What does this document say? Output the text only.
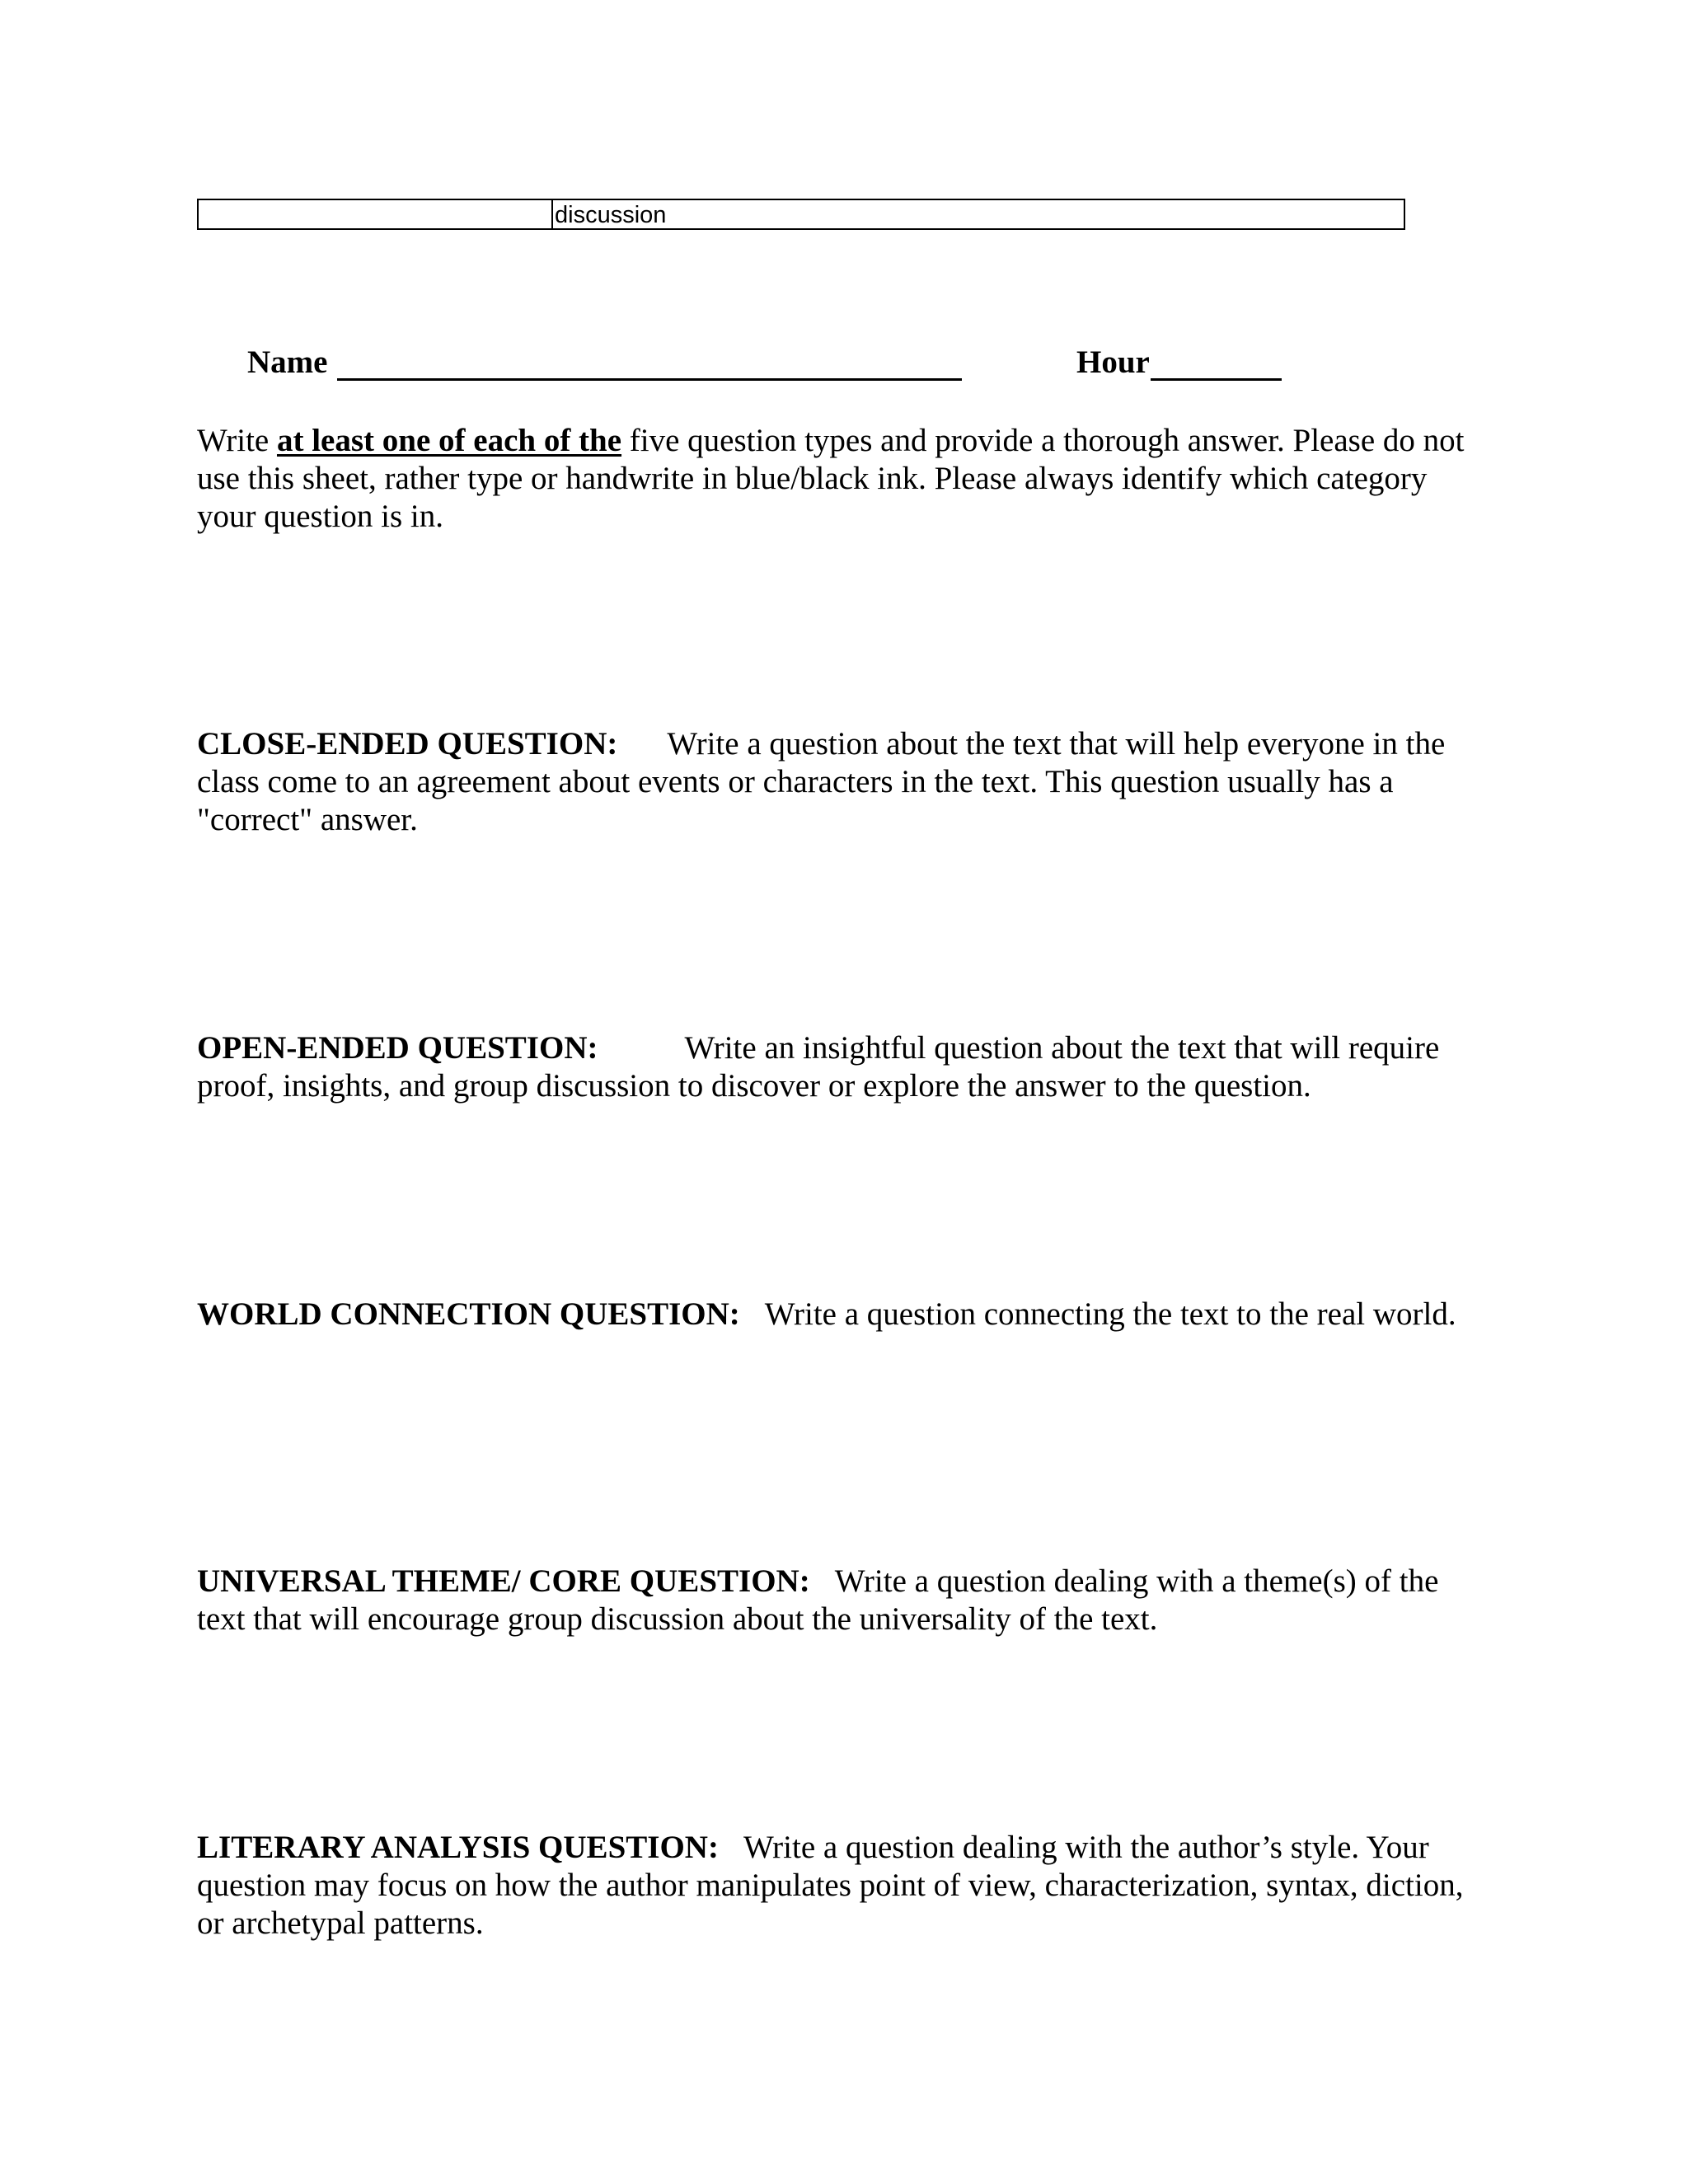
discussion
Name	Hour

Write at least one of each of the five question types and provide a thorough answer. Please do not use this sheet, rather type or handwrite in blue/black ink. Please always identify which category your question is in.

CLOSE-ENDED QUESTION: Write a question about the text that will help everyone in the class come to an agreement about events or characters in the text. This question usually has a "correct" answer.

OPEN-ENDED QUESTION:	Write an insightful question about the text that will require proof, insights, and group discussion to discover or explore the answer to the question.

WORLD CONNECTION QUESTION: Write a question connecting the text to the real world.

UNIVERSAL THEME/ CORE QUESTION: Write a question dealing with a theme(s) of the text that will encourage group discussion about the universality of the text.

LITERARY ANALYSIS QUESTION: Write a question dealing with the author’s style. Your question may focus on how the author manipulates point of view, characterization, syntax, diction, or archetypal patterns.
